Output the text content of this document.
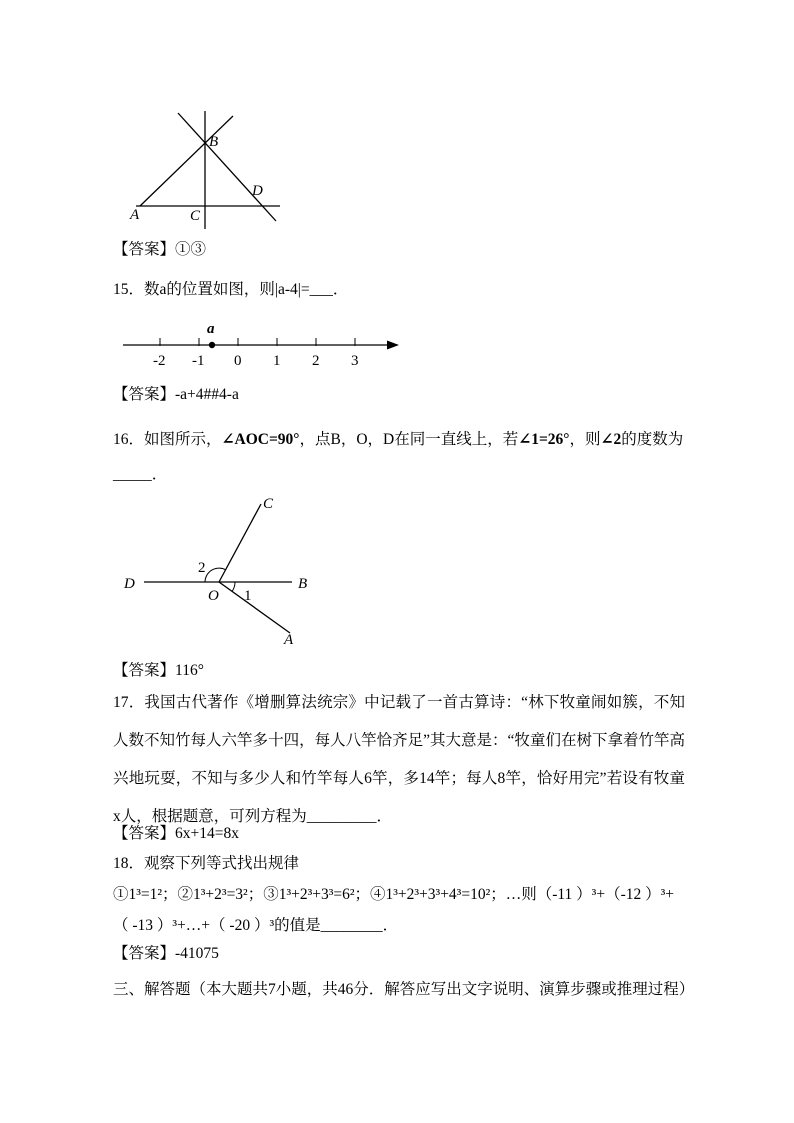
B
A	C
D

【答案】①③

15．数a的位置如图，则|a-4|=___．

a
-2 -1 0 1 2 3

【答案】-a+4##4-a

16．如图所示，∠AOC=90°，点B，O，D在同一直线上，若∠1=26°，则∠2的度数为

_____．

C
D
O
B
A
2
1

【答案】116°

17．我国古代著作《增删算法统宗》中记载了一首古算诗：“林下牧童闹如簇，不知人数不知竹每人六竿多十四，每人八竿恰齐足”其大意是：“牧童们在树下拿着竹竿高兴地玩耍，不知与多少人和竹竿每人6竿，多14竿；每人8竿，恰好用完”若设有牧童x人，根据题意，可列方程为_________．

【答案】6x+14=8x

18．观察下列等式找出规律

①1³=1²；②1³+2³=3²；③1³+2³+3³=6²；④1³+2³+3³+4³=10²；…则（-11 ）³+（-12 ）³+（ -13 ）³+…+（ -20 ）³的值是________．

【答案】-41075

三、解答题（本大题共7小题，共46分．解答应写出文字说明、演算步骤或推理过程）
